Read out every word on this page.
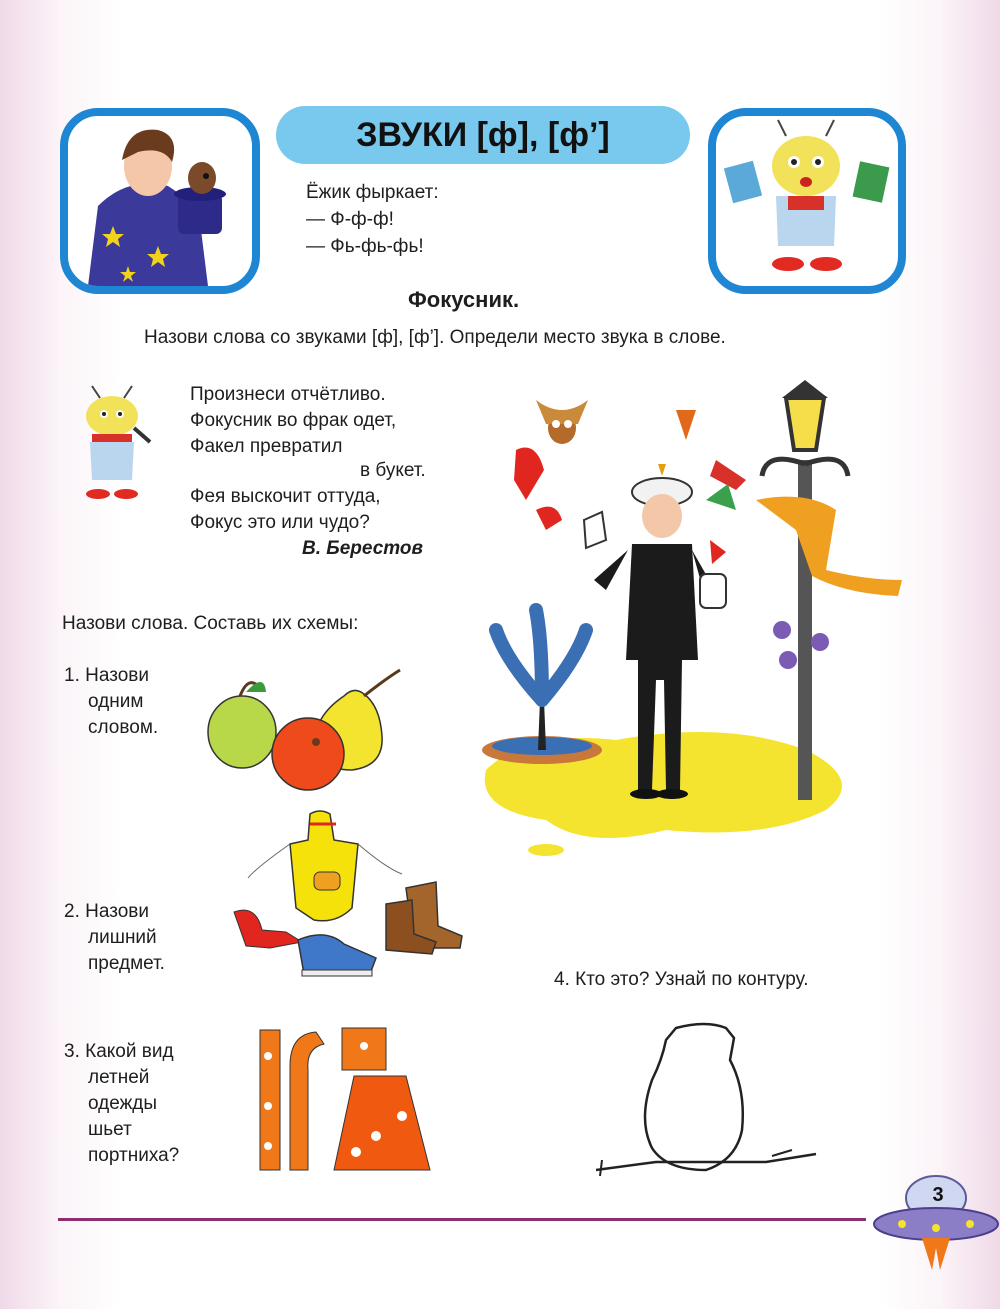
ЗВУКИ [ф], [ф’]
Ёжик фыркает:
— Ф-ф-ф!
— Фь-фь-фь!
Фокусник.
Назови слова со звуками [ф], [ф’]. Определи место звука в слове.
Произнеси отчётливо.
Фокусник во фрак одет,
Факел превратил
в букет.
Фея выскочит оттуда,
Фокус это или чудо?
В. Берестов
Назови слова. Составь их схемы:
1. Назови
одним
словом.
2. Назови
лишний
предмет.
4. Кто это? Узнай по контуру.
3. Какой вид
летней
одежды
шьет
портниха?
3
